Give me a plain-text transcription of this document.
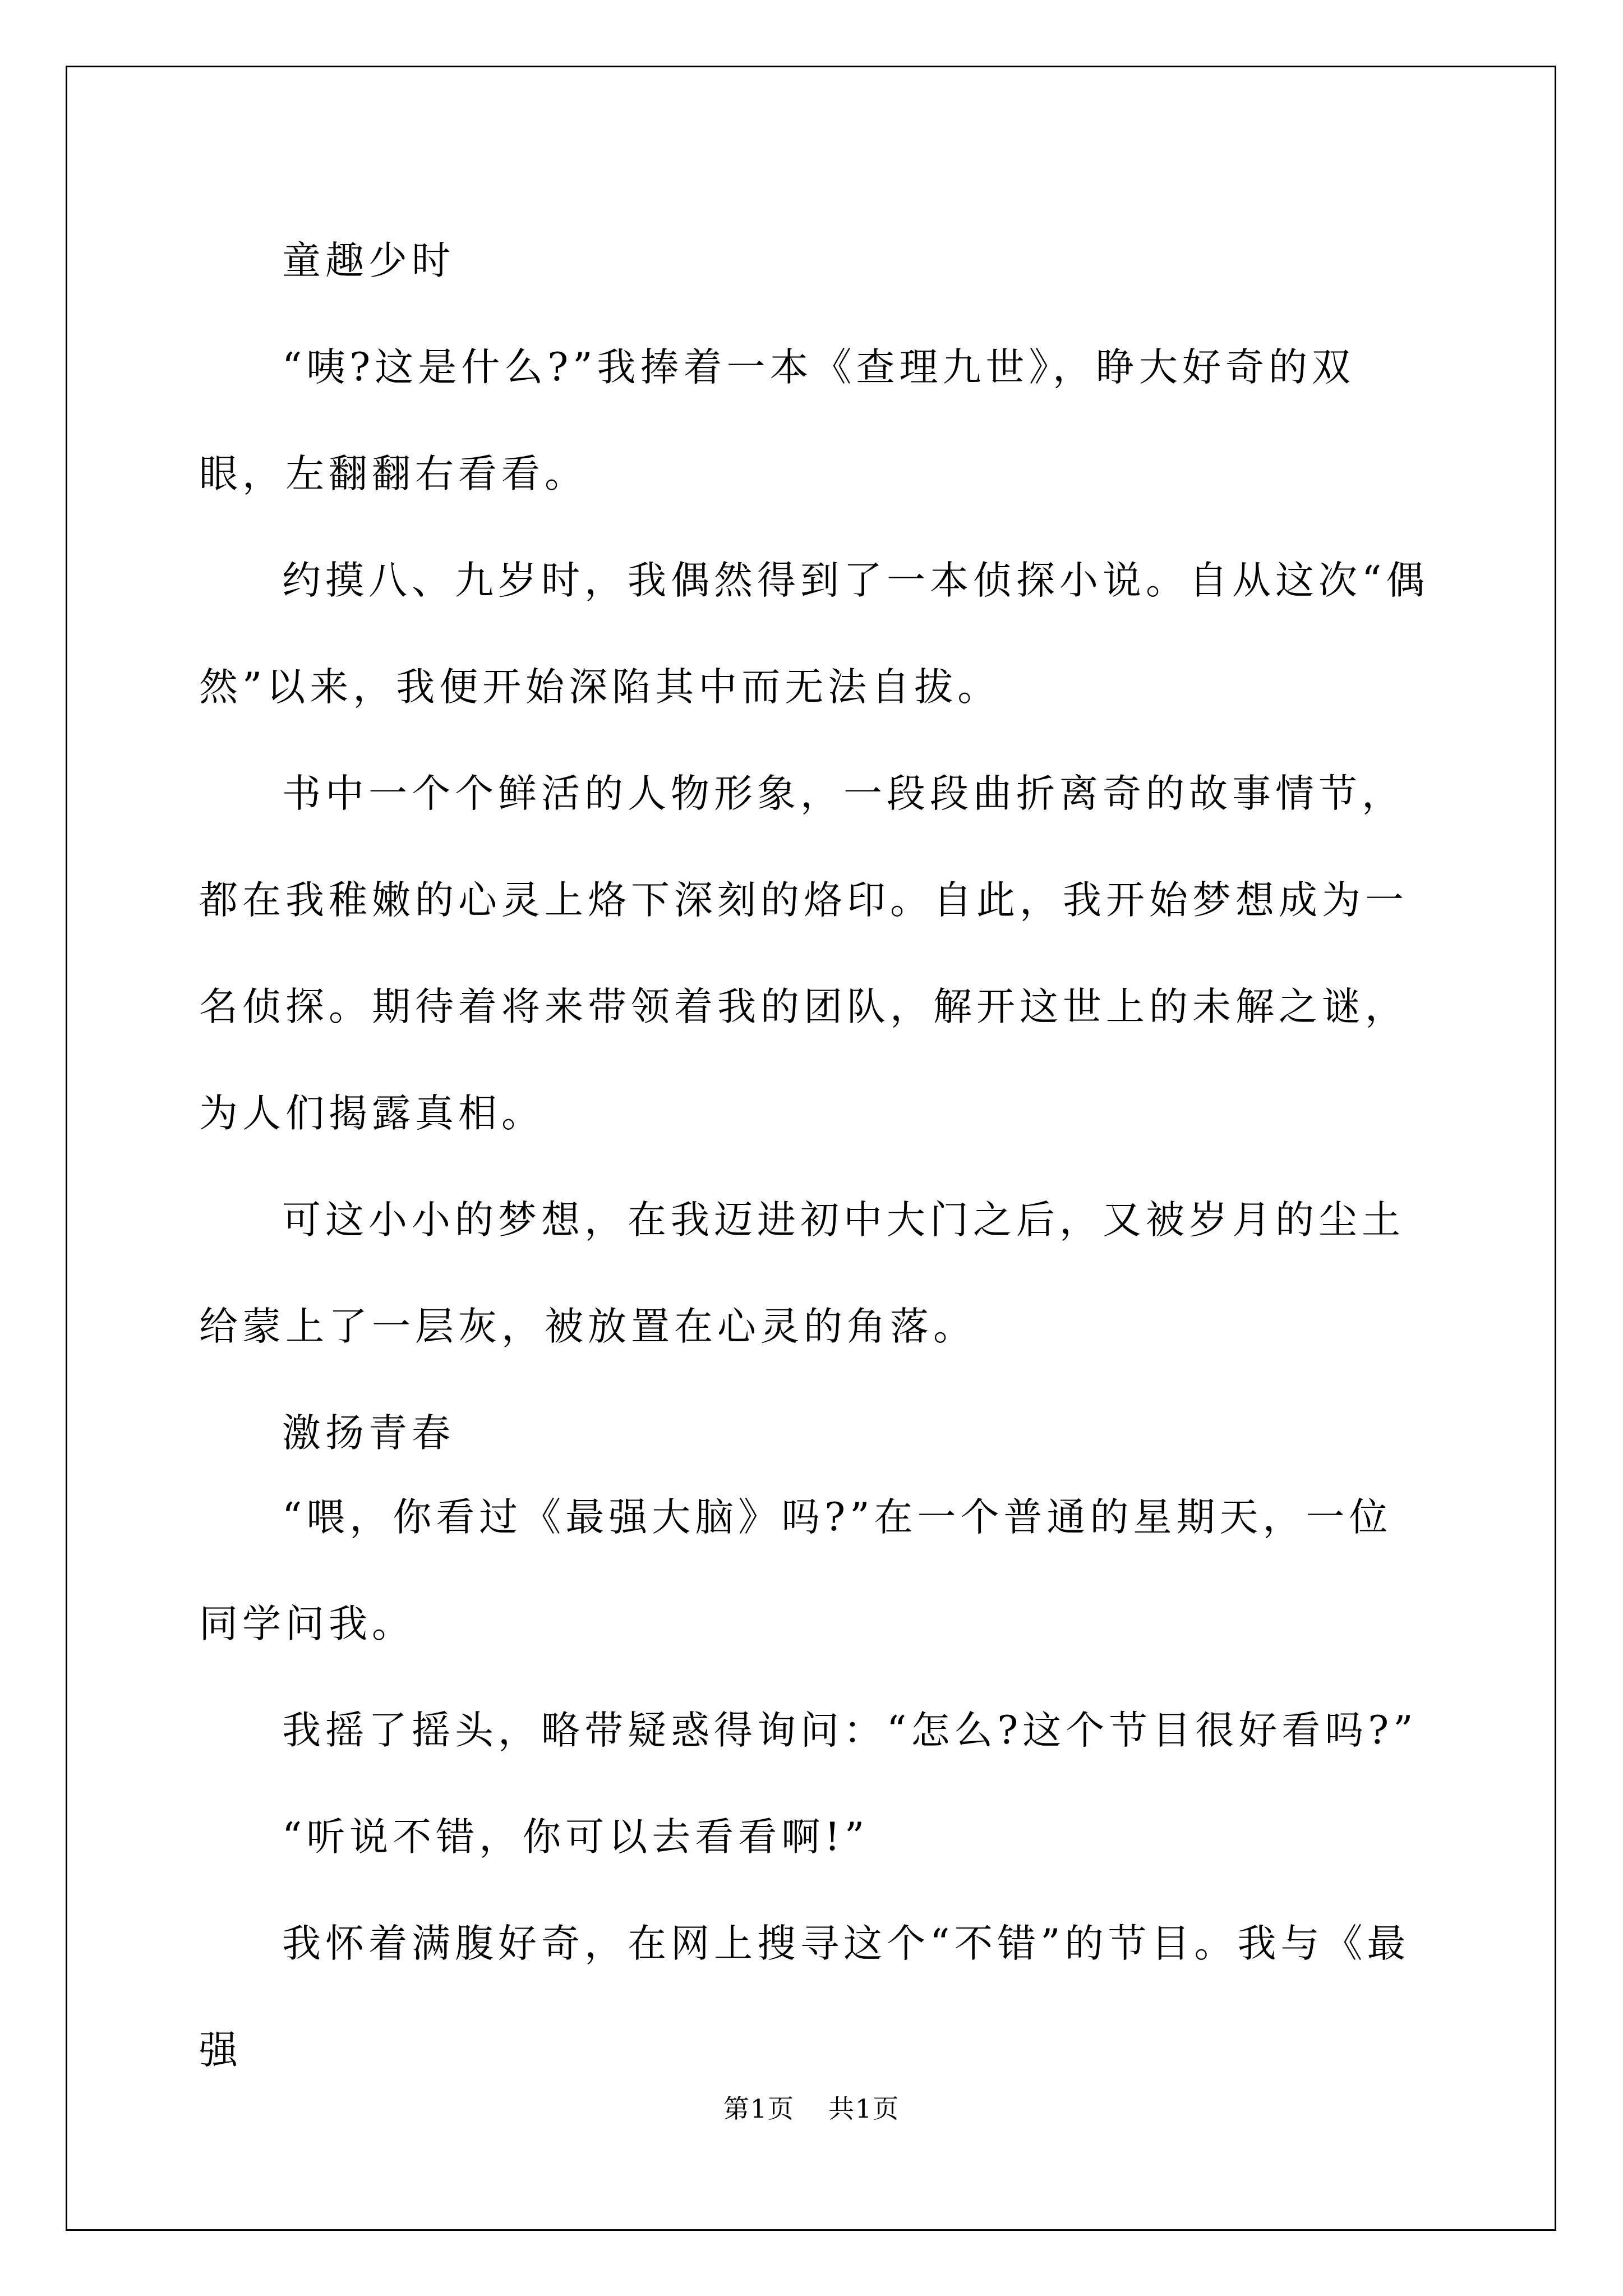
童趣少时

“咦?这是什么?”我捧着一本《查理九世》，睁大好奇的双眼，左翻翻右看看。

约摸八、九岁时，我偶然得到了一本侦探小说。自从这次“偶然”以来，我便开始深陷其中而无法自拔。

书中一个个鲜活的人物形象，一段段曲折离奇的故事情节，都在我稚嫩的心灵上烙下深刻的烙印。自此，我开始梦想成为一名侦探。期待着将来带领着我的团队，解开这世上的未解之谜，为人们揭露真相。

可这小小的梦想，在我迈进初中大门之后，又被岁月的尘土给蒙上了一层灰，被放置在心灵的角落。

激扬青春

“喂，你看过《最强大脑》吗?”在一个普通的星期天，一位同学问我。

我摇了摇头，略带疑惑得询问：“怎么?这个节目很好看吗?”

“听说不错，你可以去看看啊!”

我怀着满腹好奇，在网上搜寻这个“不错”的节目。我与《最强

第1页 共1页
